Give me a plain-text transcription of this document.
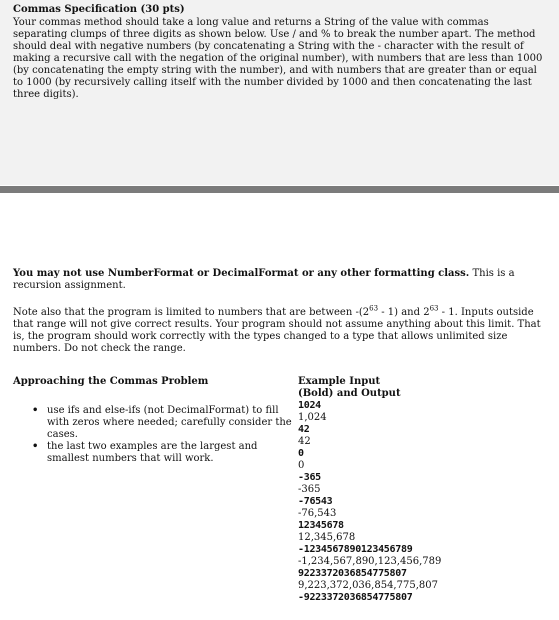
Commas Specification (30 pts)

Your commas method should take a long value and returns a String of the value with commas separating clumps of three digits as shown below. Use / and % to break the number apart. The method should deal with negative numbers (by concatenating a String with the - character with the result of making a recursive call with the negation of the original number), with numbers that are less than 1000 (by concatenating the empty string with the number), and with numbers that are greater than or equal to 1000 (by recursively calling itself with the number divided by 1000 and then concatenating the last three digits).

You may not use NumberFormat or DecimalFormat or any other formatting class. This is a recursion assignment.
Note also that the program is limited to numbers that are between $-(2^{63} - 1)$ and $2^{63} - 1$. Inputs outside that range will not give correct results. Your program should not assume anything about this limit. That is, the program should work correctly with the types changed to a type that allows unlimited size numbers. Do not check the range.
Approaching the Commas Problem
• use ifs and else-ifs (not DecimalFormat) to fill with zeros where needed; carefully consider the cases.
• the last two examples are the largest and smallest numbers that will work.
Example Input (Bold) and Output
1024
1,024
42
42
0
0
-365
-365
-76543
-76,543
12345678
12,345,678
-1234567890123456789
-1,234,567,890,123,456,789
9223372036854775807
9,223,372,036,854,775,807
-9223372036854775807
